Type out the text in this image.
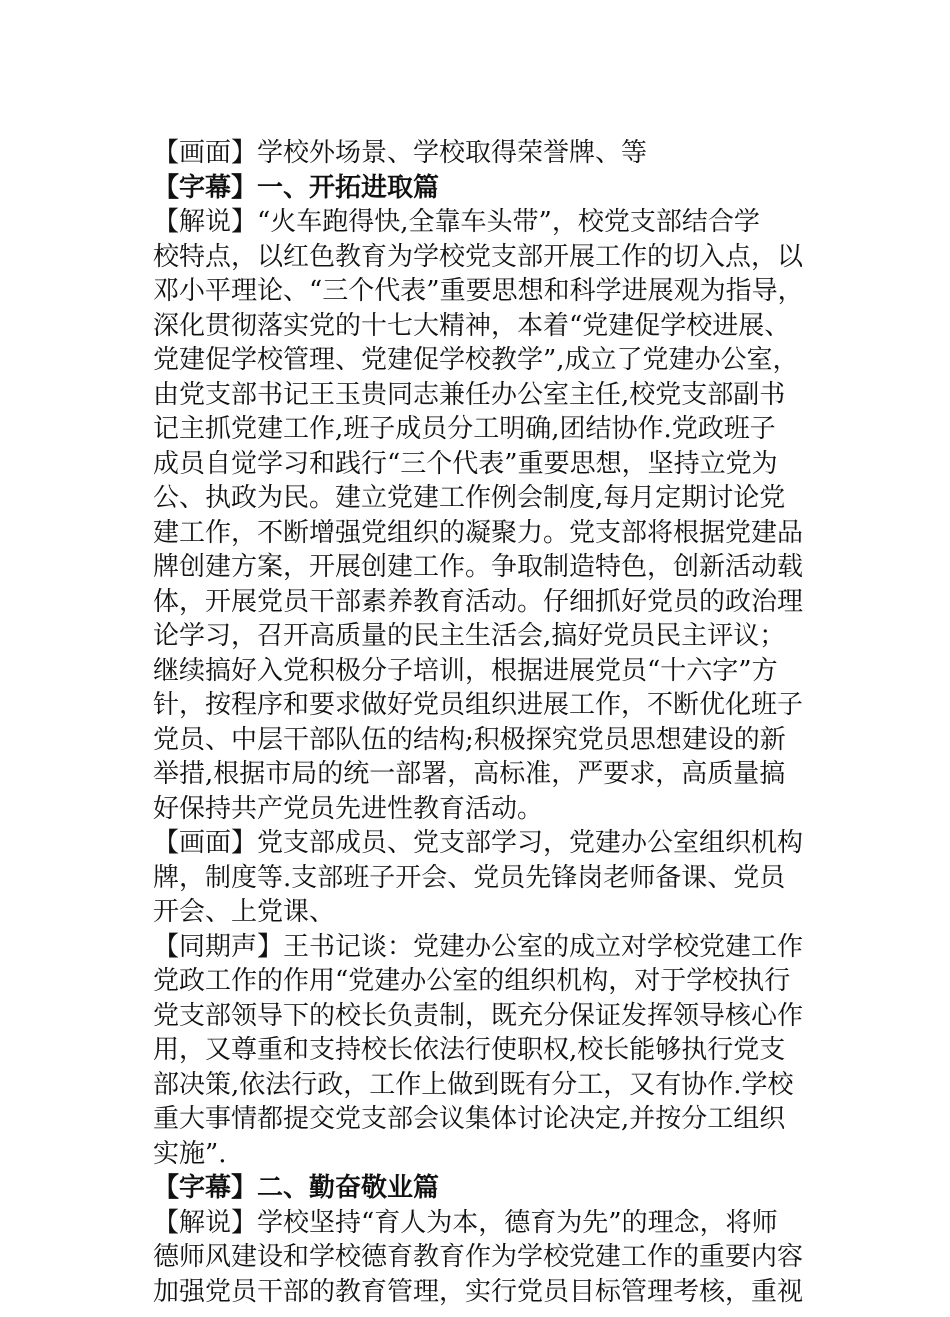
【画面】学校外场景、学校取得荣誉牌、等
【字幕】一、开拓进取篇
【解说】“火车跑得快,全靠车头带”，校党支部结合学
校特点，以红色教育为学校党支部开展工作的切入点，以
邓小平理论、“三个代表”重要思想和科学进展观为指导，
深化贯彻落实党的十七大精神，本着“党建促学校进展、
党建促学校管理、党建促学校教学”,成立了党建办公室，
由党支部书记王玉贵同志兼任办公室主任,校党支部副书
记主抓党建工作,班子成员分工明确,团结协作.党政班子
成员自觉学习和践行“三个代表”重要思想，坚持立党为
公、执政为民。建立党建工作例会制度,每月定期讨论党
建工作，不断增强党组织的凝聚力。党支部将根据党建品
牌创建方案，开展创建工作。争取制造特色，创新活动载
体，开展党员干部素养教育活动。仔细抓好党员的政治理
论学习，召开高质量的民主生活会,搞好党员民主评议；
继续搞好入党积极分子培训，根据进展党员“十六字”方
针，按程序和要求做好党员组织进展工作，不断优化班子
党员、中层干部队伍的结构;积极探究党员思想建设的新
举措,根据市局的统一部署，高标准，严要求，高质量搞
好保持共产党员先进性教育活动。
【画面】党支部成员、党支部学习，党建办公室组织机构
牌，制度等.支部班子开会、党员先锋岗老师备课、党员
开会、上党课、
【同期声】王书记谈：党建办公室的成立对学校党建工作
党政工作的作用“党建办公室的组织机构，对于学校执行
党支部领导下的校长负责制，既充分保证发挥领导核心作
用，又尊重和支持校长依法行使职权,校长能够执行党支
部决策,依法行政，工作上做到既有分工，又有协作.学校
重大事情都提交党支部会议集体讨论决定,并按分工组织
实施”.
【字幕】二、勤奋敬业篇
【解说】学校坚持“育人为本，德育为先”的理念，将师
德师风建设和学校德育教育作为学校党建工作的重要内容
加强党员干部的教育管理，实行党员目标管理考核，重视
